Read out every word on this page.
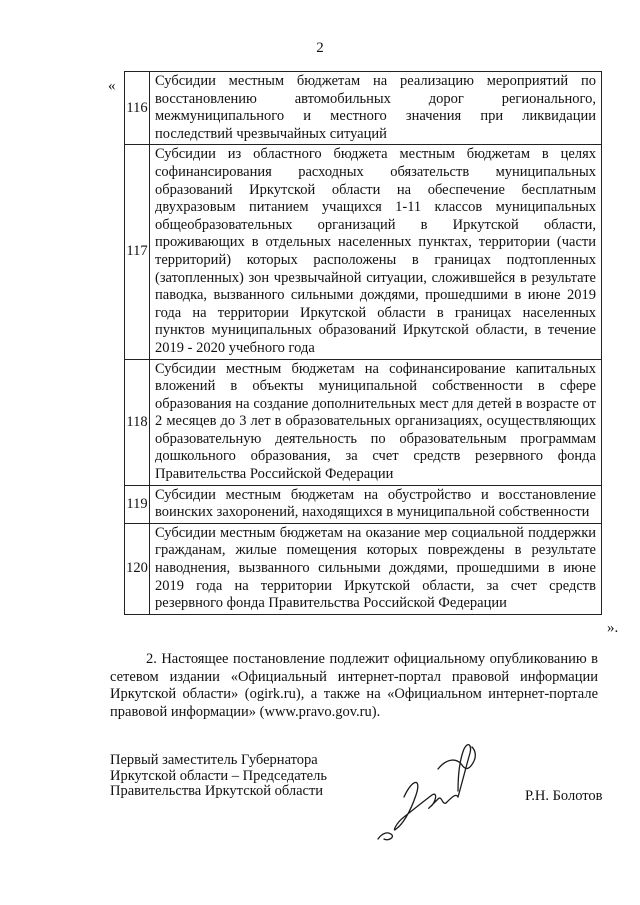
2
«
116	Субсидии местным бюджетам на реализацию мероприятий по восстановлению автомобильных дорог регионального, межмуниципального и местного значения при ликвидации последствий чрезвычайных ситуаций
117	Субсидии из областного бюджета местным бюджетам в целях софинансирования расходных обязательств муниципальных образований Иркутской области на обеспечение бесплатным двухразовым питанием учащихся 1-11 классов муниципальных общеобразовательных организаций в Иркутской области, проживающих в отдельных населенных пунктах, территории (части территорий) которых расположены в границах подтопленных (затопленных) зон чрезвычайной ситуации, сложившейся в результате паводка, вызванного сильными дождями, прошедшими в июне 2019 года на территории Иркутской области в границах населенных пунктов муниципальных образований Иркутской области, в течение 2019 - 2020 учебного года
118	Субсидии местным бюджетам на софинансирование капитальных вложений в объекты муниципальной собственности в сфере образования на создание дополнительных мест для детей в возрасте от 2 месяцев до 3 лет в образовательных организациях, осуществляющих образовательную деятельность по образовательным программам дошкольного образования, за счет средств резервного фонда Правительства Российской Федерации
119	Субсидии местным бюджетам на обустройство и восстановление воинских захоронений, находящихся в муниципальной собственности
120	Субсидии местным бюджетам на оказание мер социальной поддержки гражданам, жилые помещения которых повреждены в результате наводнения, вызванного сильными дождями, прошедшими в июне 2019 года на территории Иркутской области, за счет средств резервного фонда Правительства Российской Федерации
».
2. Настоящее постановление подлежит официальному опубликованию в сетевом издании «Официальный интернет-портал правовой информации Иркутской области» (ogirk.ru), а также на «Официальном интернет-портале правовой информации» (www.pravo.gov.ru).
Первый заместитель Губернатора
Иркутской области – Председатель
Правительства Иркутской области	Р.Н. Болотов
